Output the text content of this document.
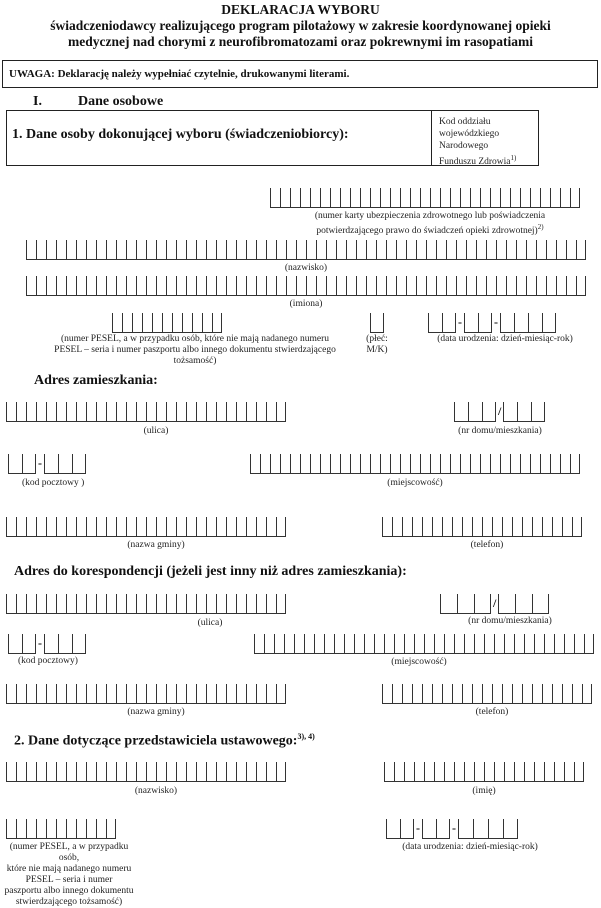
DEKLARACJA WYBORU
świadczeniodawcy realizującego program pilotażowy w zakresie koordynowanej opieki
medycznej nad chorymi z neurofibromatozami oraz pokrewnymi im rasopatiami
UWAGA: Deklarację należy wypełniać czytelnie, drukowanymi literami.
I.	Dane osobowe
1. Dane osoby dokonującej wyboru (świadczeniobiorcy):
Kod oddziału
wojewódzkiego
Narodowego
Funduszu Zdrowia$^{1)}$
(numer karty ubezpieczenia zdrowotnego lub poświadczenia
potwierdzającego prawo do świadczeń opieki zdrowotnej)$^{2)}$
(nazwisko)
(imiona)
(numer PESEL, a w przypadku osób, które nie mają nadanego numeru
PESEL – seria i numer paszportu albo innego dokumentu stwierdzającego
tożsamość)
(płeć:
M/K)
-	-
(data urodzenia: dzień-miesiąc-rok)
Adres zamieszkania:
(ulica)
/
(nr domu/mieszkania)
-
(kod pocztowy )	(miejscowość)
(nazwa gminy)	(telefon)
Adres do korespondencji (jeżeli jest inny niż adres zamieszkania):
(ulica)
/
(nr domu/mieszkania)
-
(kod pocztowy)	(miejscowość)
(nazwa gminy)	(telefon)
2. Dane dotyczące przedstawiciela ustawowego:$^{3), 4)}$
(nazwisko)	(imię)
(numer PESEL, a w przypadku osób,
które nie mają nadanego numeru
PESEL – seria i numer
paszportu albo innego dokumentu
stwierdzającego tożsamość)
-	-
(data urodzenia: dzień-miesiąc-rok)
